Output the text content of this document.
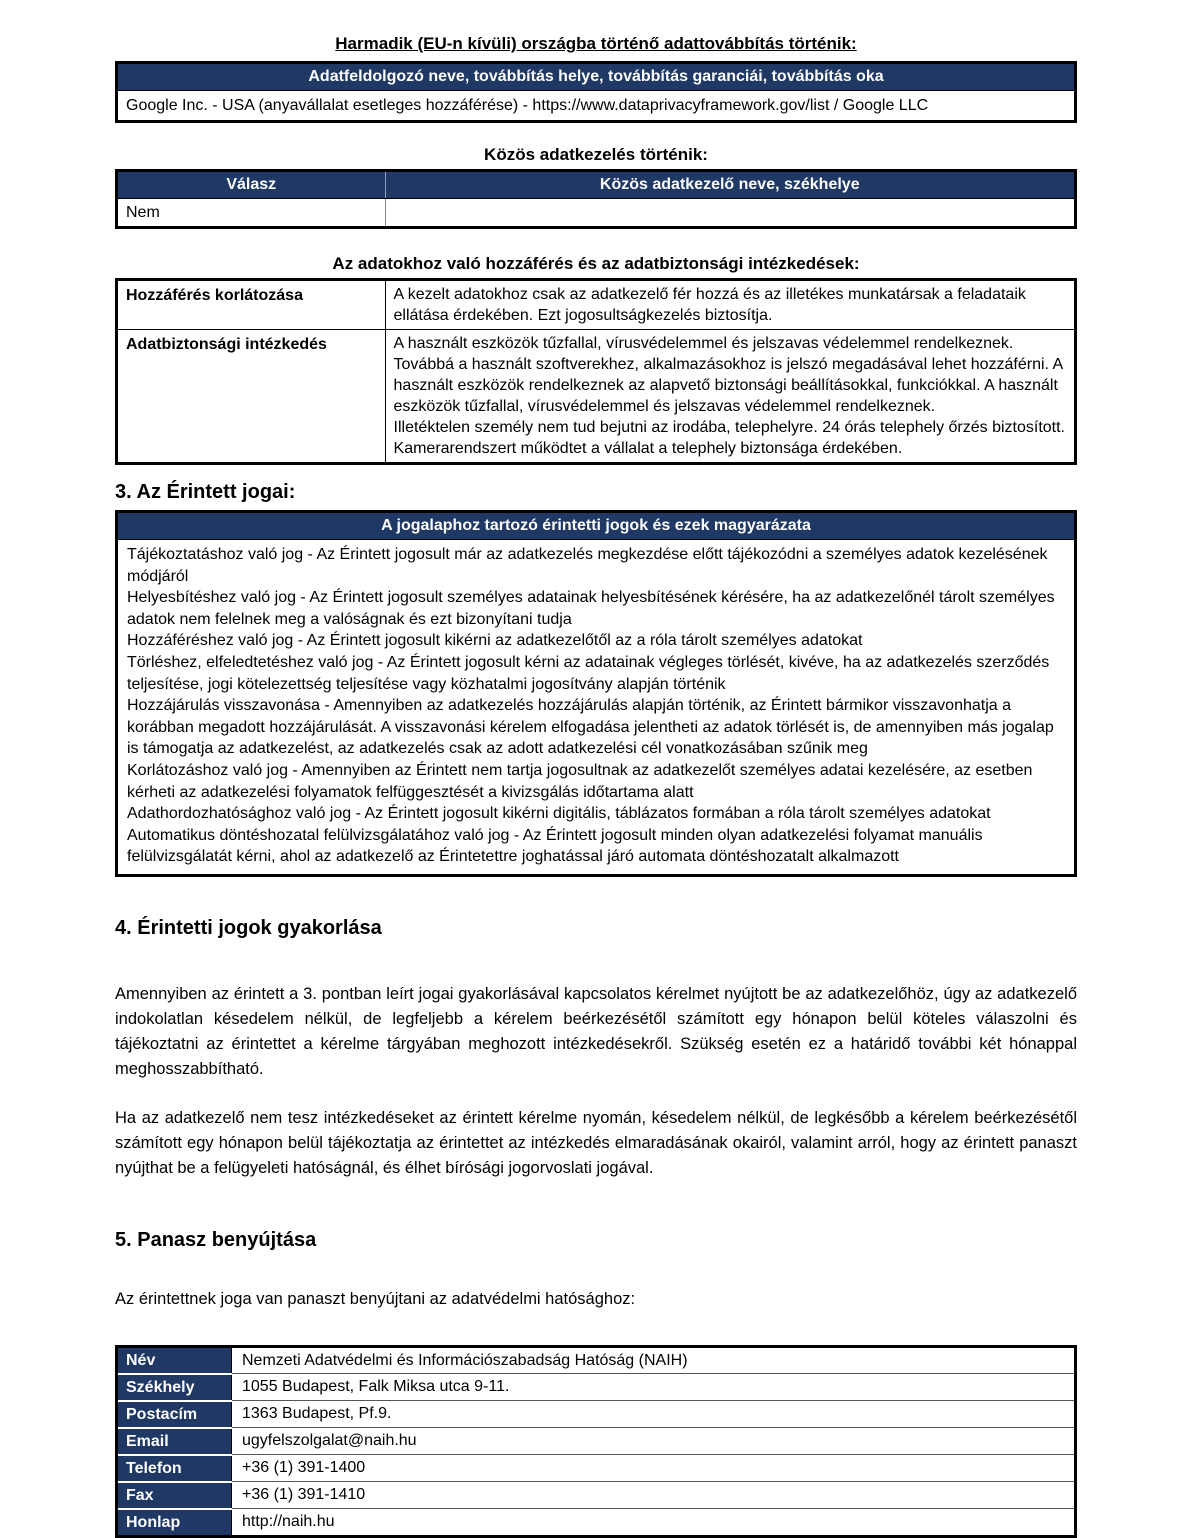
Harmadik (EU-n kívüli) országba történő adattovábbítás történik:
Adatfeldolgozó neve, továbbítás helye, továbbítás garanciái, továbbítás oka
Google Inc. - USA (anyavállalat esetleges hozzáférése) - https://www.dataprivacyframework.gov/list / Google LLC
Közös adatkezelés történik:
Válasz	Közös adatkezelő neve, székhelye
Nem	
Az adatokhoz való hozzáférés és az adatbiztonsági intézkedések:
Hozzáférés korlátozása	A kezelt adatokhoz csak az adatkezelő fér hozzá és az illetékes munkatársak a feladataik ellátása érdekében. Ezt jogosultságkezelés biztosítja.
Adatbiztonsági intézkedés	A használt eszközök tűzfallal, vírusvédelemmel és jelszavas védelemmel rendelkeznek. Továbbá a használt szoftverekhez, alkalmazásokhoz is jelszó megadásával lehet hozzáférni. A használt eszközök rendelkeznek az alapvető biztonsági beállításokkal, funkciókkal. A használt eszközök tűzfallal, vírusvédelemmel és jelszavas védelemmel rendelkeznek.
Illetéktelen személy nem tud bejutni az irodába, telephelyre. 24 órás telephely őrzés biztosított. Kamerarendszert működtet a vállalat a telephely biztonsága érdekében.
3. Az Érintett jogai:
A jogalaphoz tartozó érintetti jogok és ezek magyarázata

Tájékoztatáshoz való jog - Az Érintett jogosult már az adatkezelés megkezdése előtt tájékozódni a személyes adatok kezelésének módjáról
Helyesbítéshez való jog - Az Érintett jogosult személyes adatainak helyesbítésének kérésére, ha az adatkezelőnél tárolt személyes adatok nem felelnek meg a valóságnak és ezt bizonyítani tudja
Hozzáféréshez való jog - Az Érintett jogosult kikérni az adatkezelőtől az a róla tárolt személyes adatokat
Törléshez, elfeledtetéshez való jog - Az Érintett jogosult kérni az adatainak végleges törlését, kivéve, ha az adatkezelés szerződés teljesítése, jogi kötelezettség teljesítése vagy közhatalmi jogosítvány alapján történik
Hozzájárulás visszavonása - Amennyiben az adatkezelés hozzájárulás alapján történik, az Érintett bármikor visszavonhatja a korábban megadott hozzájárulását. A visszavonási kérelem elfogadása jelentheti az adatok törlését is, de amennyiben más jogalap is támogatja az adatkezelést, az adatkezelés csak az adott adatkezelési cél vonatkozásában szűnik meg
Korlátozáshoz való jog - Amennyiben az Érintett nem tartja jogosultnak az adatkezelőt személyes adatai kezelésére, az esetben kérheti az adatkezelési folyamatok felfüggesztését a kivizsgálás időtartama alatt
Adathordozhatósághoz való jog - Az Érintett jogosult kikérni digitális, táblázatos formában a róla tárolt személyes adatokat
Automatikus döntéshozatal felülvizsgálatához való jog - Az Érintett jogosult minden olyan adatkezelési folyamat manuális felülvizsgálatát kérni, ahol az adatkezelő az Érintetettre joghatással járó automata döntéshozatalt alkalmazott
4. Érintetti jogok gyakorlása

Amennyiben az érintett a 3. pontban leírt jogai gyakorlásával kapcsolatos kérelmet nyújtott be az adatkezelőhöz, úgy az adatkezelő indokolatlan késedelem nélkül, de legfeljebb a kérelem beérkezésétől számított egy hónapon belül köteles válaszolni és tájékoztatni az érintettet a kérelme tárgyában meghozott intézkedésekről. Szükség esetén ez a határidő további két hónappal meghosszabbítható.

Ha az adatkezelő nem tesz intézkedéseket az érintett kérelme nyomán, késedelem nélkül, de legkésőbb a kérelem beérkezésétől számított egy hónapon belül tájékoztatja az érintettet az intézkedés elmaradásának okairól, valamint arról, hogy az érintett panaszt nyújthat be a felügyeleti hatóságnál, és élhet bírósági jogorvoslati jogával.

5. Panasz benyújtása

Az érintettnek joga van panaszt benyújtani az adatvédelmi hatósághoz:

Név	Nemzeti Adatvédelmi és Információszabadság Hatóság (NAIH)
Székhely	1055 Budapest, Falk Miksa utca 9-11.
Postacím	1363 Budapest, Pf.9.
Email	ugyfelszolgalat@naih.hu
Telefon	+36 (1) 391-1400
Fax	+36 (1) 391-1410
Honlap	http://naih.hu
